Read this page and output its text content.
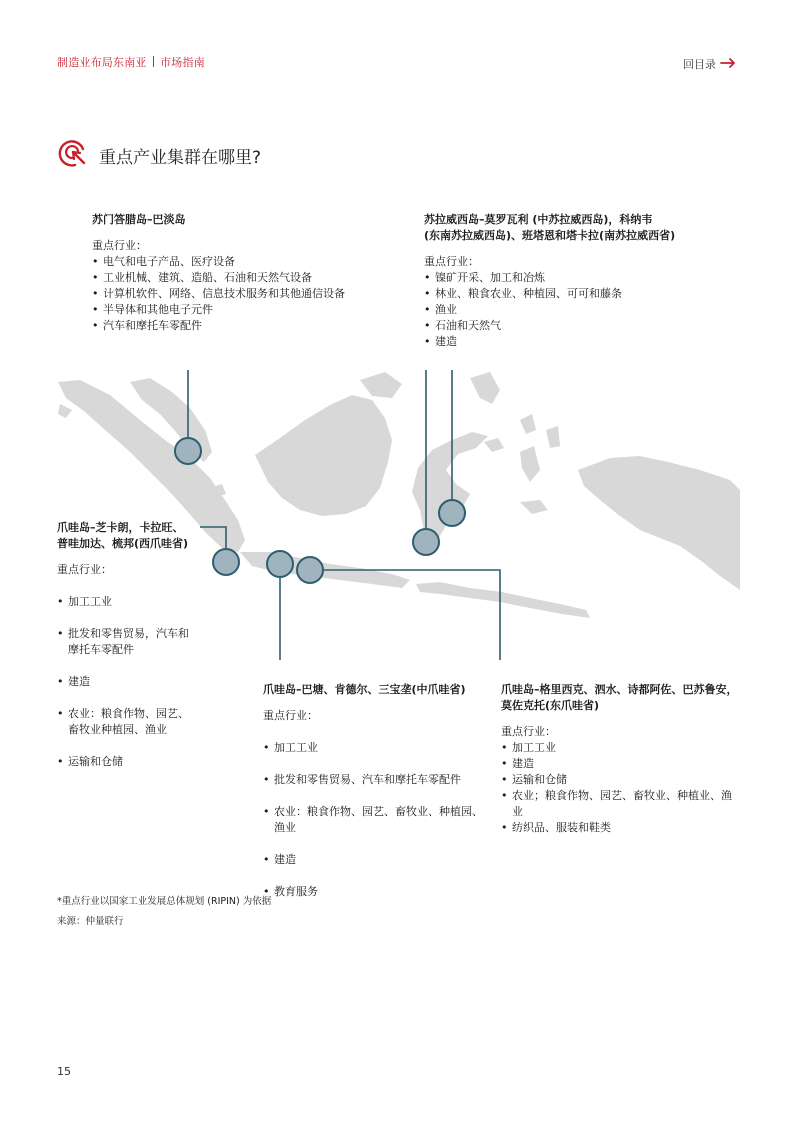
制造业布局东南亚 市场指南	回目录
重点产业集群在哪里?
苏门答腊岛–巴淡岛
重点行业：
• 电气和电子产品、医疗设备
• 工业机械、建筑、造船、石油和天然气设备
• 计算机软件、网络、信息技术服务和其他通信设备
• 半导体和其他电子元件
• 汽车和摩托车零配件
苏拉威西岛–莫罗瓦利 (中苏拉威西岛)，科纳韦
(东南苏拉威西岛)、班塔恩和塔卡拉(南苏拉威西省)
重点行业：
• 镍矿开采、加工和冶炼
• 林业、粮食农业、种植园、可可和藤条
• 渔业
• 石油和天然气
• 建造
爪哇岛–芝卡朗，卡拉旺、
普哇加达、梳邦(西爪哇省)
重点行业：

• 加工工业

• 批发和零售贸易，汽车和
摩托车零配件

• 建造

• 农业：粮食作物、园艺、
畜牧业种植园、渔业

• 运输和仓储

爪哇岛–巴塘、肯德尔、三宝垄(中爪哇省)
重点行业：

• 加工工业

• 批发和零售贸易、汽车和摩托车零配件

• 农业：粮食作物、园艺、畜牧业、种植园、
渔业

• 建造

• 教育服务

爪哇岛–格里西克、泗水、诗都阿佐、巴苏鲁安，
莫佐克托(东爪哇省)
重点行业：
• 加工工业
• 建造
• 运输和仓储
• 农业；粮食作物、园艺、畜牧业、种植业、渔业
• 纺织品、服装和鞋类
*重点行业以国家工业发展总体规划 (RIPIN) 为依据
来源：仲量联行
15
